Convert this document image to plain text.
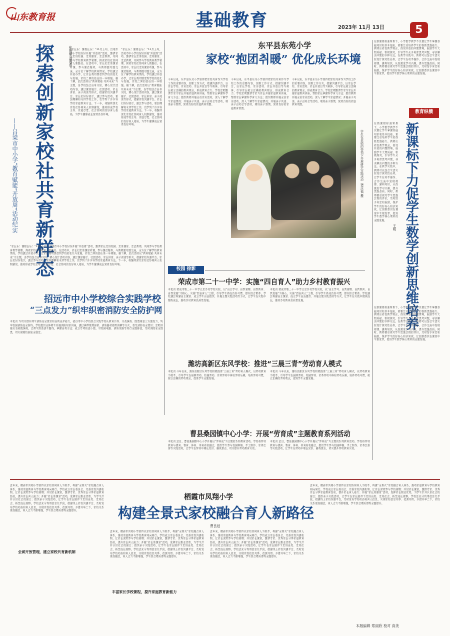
山东教育报	基础教育	2023年 11月 13日	5
探索创新家校社共育新样态
——吕梁市中小学“教育赋能”开放周”活动纪实
张海潮 刘海燕
“家长乐！课程长乐！”11月上旬，吕梁市中小学校纷纷开展“开放周”活动，邀请家长走进校园、走进课堂、走近教师，共同参与学校教育教学管理，探索家校社协同育人新路径。在活动中，家长们走进课堂听课，参与课后服务，与教师面对面交流，全方位了解学校教育情况。学校通过开放办学，让家长真切感受到学校的变化与发展，家校之间的信任进一步增强。据了解，此次活动以“教育赋能 共育未来”为主题，各学校结合自身实际，精心设计活动内容，通过课堂展示、社团活动、家长讲堂、亲子阅读等形式，搭建家校沟通平台。家长们纷纷表示，通过参与活动，更加理解和支持学校工作，也学到了许多科学的家庭教育方法。下一步，将继续深化家校社协同育人机制建设，推动形成学校主导、家庭尽责、社会协同的良好育人格局，为学生健康成长营造良好环境。
“家长乐！课程长乐！”11月上旬，吕梁市中小学校纷纷开展“开放周”活动，邀请家长走进校园、走进课堂、走近教师，共同参与学校教育教学管理，探索家校社协同育人新路径。在活动中，家长们走进课堂听课，参与课后服务，与教师面对面交流，全方位了解学校教育情况。学校通过开放办学，让家长真切感受到学校的变化与发展，家校之间的信任进一步增强。据了解，此次活动以“教育赋能 共育未来”为主题，各学校结合自身实际，精心设计活动内容，通过课堂展示、社团活动、家长讲堂、亲子阅读等形式，搭建家校沟通平台。家长们纷纷表示，通过参与活动，更加理解和支持学校工作，也学到了许多科学的家庭教育方法。下一步，将继续深化家校社协同育人机制建设，推动形成学校主导、家庭尽责、社会协同的良好育人格局，为学生健康成长营造良好环境。
“家长乐！课程长乐！”11月上旬，吕梁市中小学校纷纷开展“开放周”活动，邀请家长走进校园、走进课堂、走近教师，共同参与学校教育教学管理，探索家校社协同育人新路径。在活动中，家长们走进课堂听课，参与课后服务，与教师面对面交流，全方位了解学校教育情况。学校通过开放办学，让家长真切感受到学校的变化与发展，家校之间的信任进一步增强。据了解，此次活动以“教育赋能 共育未来”为主题，各学校结合自身实际，精心设计活动内容，通过课堂展示、社团活动、家长讲堂、亲子阅读等形式，搭建家校沟通平台。家长们纷纷表示，通过参与活动，更加理解和支持学校工作，也学到了许多科学的家庭教育方法。下一步，将继续深化家校社协同育人机制建设，推动形成学校主导、家庭尽责、社会协同的良好育人格局，为学生健康成长营造良好环境。
招远市中小学校综合实践学校
“三点发力”织牢织密消防安全防护网
本报讯 为切实提升师生消防安全意识和自救自护能力，招远市中小学校综合实践学校从教育引导、实战演练、隐患排查三方面发力，筑牢校园消防安全防线。学校组织全体师生开展消防知识讲座，通过典型案例剖析、消防器材使用讲解等方式，普及消防安全常识；定期开展应急疏散演练，让师生熟悉逃生路线，掌握自救方法；成立专项检查小组，对校园电路、消防设施等进行全面排查，及时消除安全隐患，切实保障校园安全稳定。
东平县东苑小学
家校“抱团취暖” 优化成长环境
今年以来，东平县东苑小学坚持把家校共育作为学校工作的重要内容，创新工作方式，搭建沟通平台，以家长学校、家访活动、家长开放日等为载体，引导家长树立正确的教育观念，形成教育合力。学校定期邀请专家为家长开展家庭教育讲座，帮助家长掌握科学育儿方法；组织教师开展全员家访活动，深入了解学生家庭情况；开展亲子共读、亲子运动会等活动，增进亲子感情，营造良好的家庭教育氛围。
今年以来，东平县东苑小学坚持把家校共育作为学校工作的重要内容，创新工作方式，搭建沟通平台，以家长学校、家访活动、家长开放日等为载体，引导家长树立正确的教育观念，形成教育合力。学校定期邀请专家为家长开展家庭教育讲座，帮助家长掌握科学育儿方法；组织教师开展全员家访活动，深入了解学生家庭情况；开展亲子共读、亲子运动会等活动，增进亲子感情，营造良好的家庭教育氛围。
今年以来，东平县东苑小学坚持把家校共育作为学校工作的重要内容，创新工作方式，搭建沟通平台，以家长学校、家访活动、家长开放日等为载体，引导家长树立正确的教育观念，形成教育合力。学校定期邀请专家为家长开展家庭教育讲座，帮助家长掌握科学育儿方法；组织教师开展全员家访活动，深入了解学生家庭情况；开展亲子共读、亲子运动会等活动，增进亲子感情，营造良好的家庭教育氛围。
学生在老师的带领下开展研学实践活动（谭庆福 摄）
校园 掠影
教育纵横
新课标下力促学生数学创新思维培养
王明
在新课程标准背景下，小学数学教学不仅要让学生掌握基础知识和基本技能，更要注重培养学生的创新思维能力。教师应转变教学观念，创设开放的问题情境，鼓励学生大胆质疑、积极探究，引导学生从多角度思考问题，寻求解决问题的多种方法。在教学实践中，教师可以结合生活实际设计探究性任务，让学生在动手操作、合作交流中发现规律、建构知识，从而激发学习兴趣，提升思维品质。同时，教师要重视对学生思维过程的评价，及时给予肯定和鼓励，保护学生的好奇心和求知欲，让创新意识在课堂中生根发芽，促进学生数学核心素养的全面发展。
在新课程标准背景下，小学数学教学不仅要让学生掌握基础知识和基本技能，更要注重培养学生的创新思维能力。教师应转变教学观念，创设开放的问题情境，鼓励学生大胆质疑、积极探究，引导学生从多角度思考问题，寻求解决问题的多种方法。在教学实践中，教师可以结合生活实际设计探究性任务，让学生在动手操作、合作交流中发现规律、建构知识，从而激发学习兴趣，提升思维品质。同时，教师要重视对学生思维过程的评价，及时给予肯定和鼓励，保护学生的好奇心和求知欲，让创新意识在课堂中生根发芽，促进学生数学核心素养的全面发展。
荣成市第二十一中学：实施“四自育人”助力乡村教育振兴
本报讯 荣成市第二十一中学立足乡村学校实际，以“自主学习、自我管理、自我教育、自我发展”为核心，实施“四自育人”工程，引导学生养成良好习惯，提升综合素养。学校通过构建自主课堂、成立学生自治组织、开展主题实践活动等方式，让学生在实践中锻炼成长，推动乡村教育高质量发展。
本报讯 荣成市第二十一中学立足乡村学校实际，以“自主学习、自我管理、自我教育、自我发展”为核心，实施“四自育人”工程，引导学生养成良好习惯，提升综合素养。学校通过构建自主课堂、成立学生自治组织、开展主题实践活动等方式，让学生在实践中锻炼成长，推动乡村教育高质量发展。
潍坊高新区东风学校：推进“三晨三青”劳动育人模式
本报讯 今年以来，潍坊高新区东风学校积极推进“三晨三青”劳动育人模式，以劳动教育为抓手，引导学生在晨间劳动、校园劳动、家务劳动中体验劳动乐趣，培养劳动习惯，树立正确的劳动观念，促进学生全面发展。
本报讯 今年以来，潍坊高新区东风学校积极推进“三晨三青”劳动育人模式，以劳动教育为抓手，引导学生在晨间劳动、校园劳动、家务劳动中体验劳动乐趣，培养劳动习惯，树立正确的劳动观念，促进学生全面发展。
曹县桑园镇中心小学：开展“劳育成”主题教育系列活动
本报讯 近日，曹县桑园镇中心小学开展以“劳育成”为主题的系列教育活动。学校将劳动教育与德育、智育、体育、美育有机融合，组织学生参与校园种植、手工制作、家务比拼等实践活动，让学生在劳动中增长见识、磨炼意志，切实提升劳动教育实效。
本报讯 近日，曹县桑园镇中心小学开展以“劳育成”为主题的系列教育活动。学校将劳动教育与德育、智育、体育、美育有机融合，组织学生参与校园种植、手工制作、家务比拼等实践活动，让学生在劳动中增长见识、磨炼意志，切实提升劳动教育实效。
在新课程标准背景下，小学数学教学不仅要让学生掌握基础知识和基本技能，更要注重培养学生的创新思维能力。教师应转变教学观念，创设开放的问题情境，鼓励学生大胆质疑、积极探究，引导学生从多角度思考问题，寻求解决问题的多种方法。在教学实践中，教师可以结合生活实际设计探究性任务，让学生在动手操作、合作交流中发现规律、建构知识，从而激发学习兴趣，提升思维品质。同时，教师要重视对学生思维过程的评价，及时给予肯定和鼓励，保护学生的好奇心和求知欲，让创新意识在课堂中生根发芽，促进学生数学核心素养的全面发展。
近年来，栖霞市凤翔小学坚持以家校协同育人为抓手，构建“全景式”家校融合育人体系，推动家庭教育与学校教育同向同行。学校成立家长委员会，完善家校沟通机制，让家长深度参与学校管理；开设家长课堂，邀请专家、优秀家长分享家庭教育经验，提升家长育人能力；开展“家长进课堂”活动，发挥家长职业优势，为学生打开认识社会的窗口；组织亲子实践活动，让学生在家长陪伴下走进自然、走进社会，拓宽成长视野。学校还充分利用信息化手段，搭建线上家校沟通平台，及时发布学校动态和育人信息，实现家校信息共享、资源共用。多措并举之下，家校关系更加融洽，育人合力不断增强，学生综合素质得到全面提升。
全面开放管理，建立家校共育新机制
栖霞市凤翔小学
构建全景式家校融合育人新路径
曹良冠
近年来，栖霞市凤翔小学坚持以家校协同育人为抓手，构建“全景式”家校融合育人体系，推动家庭教育与学校教育同向同行。学校成立家长委员会，完善家校沟通机制，让家长深度参与学校管理；开设家长课堂，邀请专家、优秀家长分享家庭教育经验，提升家长育人能力；开展“家长进课堂”活动，发挥家长职业优势，为学生打开认识社会的窗口；组织亲子实践活动，让学生在家长陪伴下走进自然、走进社会，拓宽成长视野。学校还充分利用信息化手段，搭建线上家校沟通平台，及时发布学校动态和育人信息，实现家校信息共享、资源共用。多措并举之下，家校关系更加融洽，育人合力不断增强，学生综合素质得到全面提升。
丰富家长学校课程，提升家庭教育新能力
近年来，栖霞市凤翔小学坚持以家校协同育人为抓手，构建“全景式”家校融合育人体系，推动家庭教育与学校教育同向同行。学校成立家长委员会，完善家校沟通机制，让家长深度参与学校管理；开设家长课堂，邀请专家、优秀家长分享家庭教育经验，提升家长育人能力；开展“家长进课堂”活动，发挥家长职业优势，为学生打开认识社会的窗口；组织亲子实践活动，让学生在家长陪伴下走进自然、走进社会，拓宽成长视野。学校还充分利用信息化手段，搭建线上家校沟通平台，及时发布学校动态和育人信息，实现家校信息共享、资源共用。多措并举之下，家校关系更加融洽，育人合力不断增强，学生综合素质得到全面提升。
近年来，栖霞市凤翔小学坚持以家校协同育人为抓手，构建“全景式”家校融合育人体系，推动家庭教育与学校教育同向同行。学校成立家长委员会，完善家校沟通机制，让家长深度参与学校管理；开设家长课堂，邀请专家、优秀家长分享家庭教育经验，提升家长育人能力；开展“家长进课堂”活动，发挥家长职业优势，为学生打开认识社会的窗口；组织亲子实践活动，让学生在家长陪伴下走进自然、走进社会，拓宽成长视野。学校还充分利用信息化手段，搭建线上家校沟通平台，及时发布学校动态和育人信息，实现家校信息共享、资源共用。多措并举之下，家校关系更加融洽，育人合力不断增强，学生综合素质得到全面提升。
本版编辑 郑丽欣 校对 高美
